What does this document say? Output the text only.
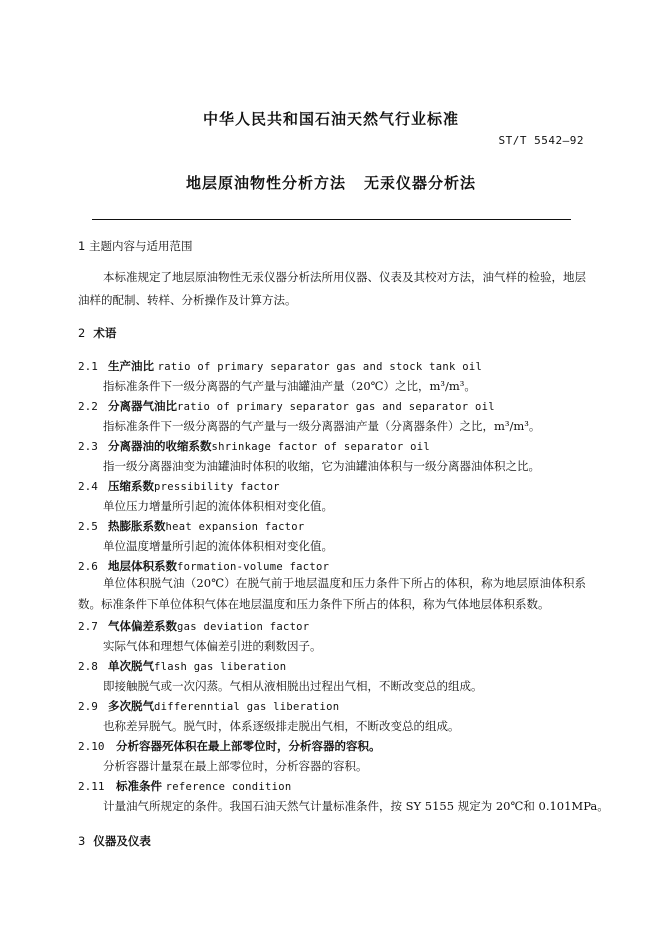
中华人民共和国石油天然气行业标准
ST/T 5542—92
地层原油物性分析方法 无汞仪器分析法
1 主题内容与适用范围
本标准规定了地层原油物性无汞仪器分析法所用仪器、仪表及其校对方法，油气样的检验，地层油样的配制、转样、分析操作及计算方法。
2 术语
2.1 生产油比 ratio of primary separator gas and stock tank oil
指标准条件下一级分离器的气产量与油罐油产量（20℃）之比，m³/m³。
2.2 分离器气油比ratio of primary separator gas and separator oil
指标准条件下一级分离器的气产量与一级分离器油产量（分离器条件）之比，m³/m³。
2.3 分离器油的收缩系数shrinkage factor of separator oil
指一级分离器油变为油罐油时体积的收缩，它为油罐油体积与一级分离器油体积之比。
2.4 压缩系数pressibility factor
单位压力增量所引起的流体体积相对变化值。
2.5 热膨胀系数heat expansion factor
单位温度增量所引起的流体体积相对变化值。
2.6 地层体积系数formation-volume factor
单位体积脱气油（20℃）在脱气前于地层温度和压力条件下所占的体积，称为地层原油体积系数。标准条件下单位体积气体在地层温度和压力条件下所占的体积，称为气体地层体积系数。
2.7 气体偏差系数gas deviation factor
实际气体和理想气体偏差引进的剩数因子。
2.8 单次脱气flash gas liberation
即接触脱气或一次闪蒸。气相从液相脱出过程出气相，不断改变总的组成。
2.9 多次脱气differenntial gas liberation
也称差异脱气。脱气时，体系逐级排走脱出气相，不断改变总的组成。
2.10 分析容器死体积在最上部零位时，分析容器的容积。
分析容器计量泵在最上部零位时，分析容器的容积。
2.11 标准条件 reference condition
计量油气所规定的条件。我国石油天然气计量标准条件，按 SY 5155 规定为 20℃和 0.101MPa。
3 仪器及仪表
